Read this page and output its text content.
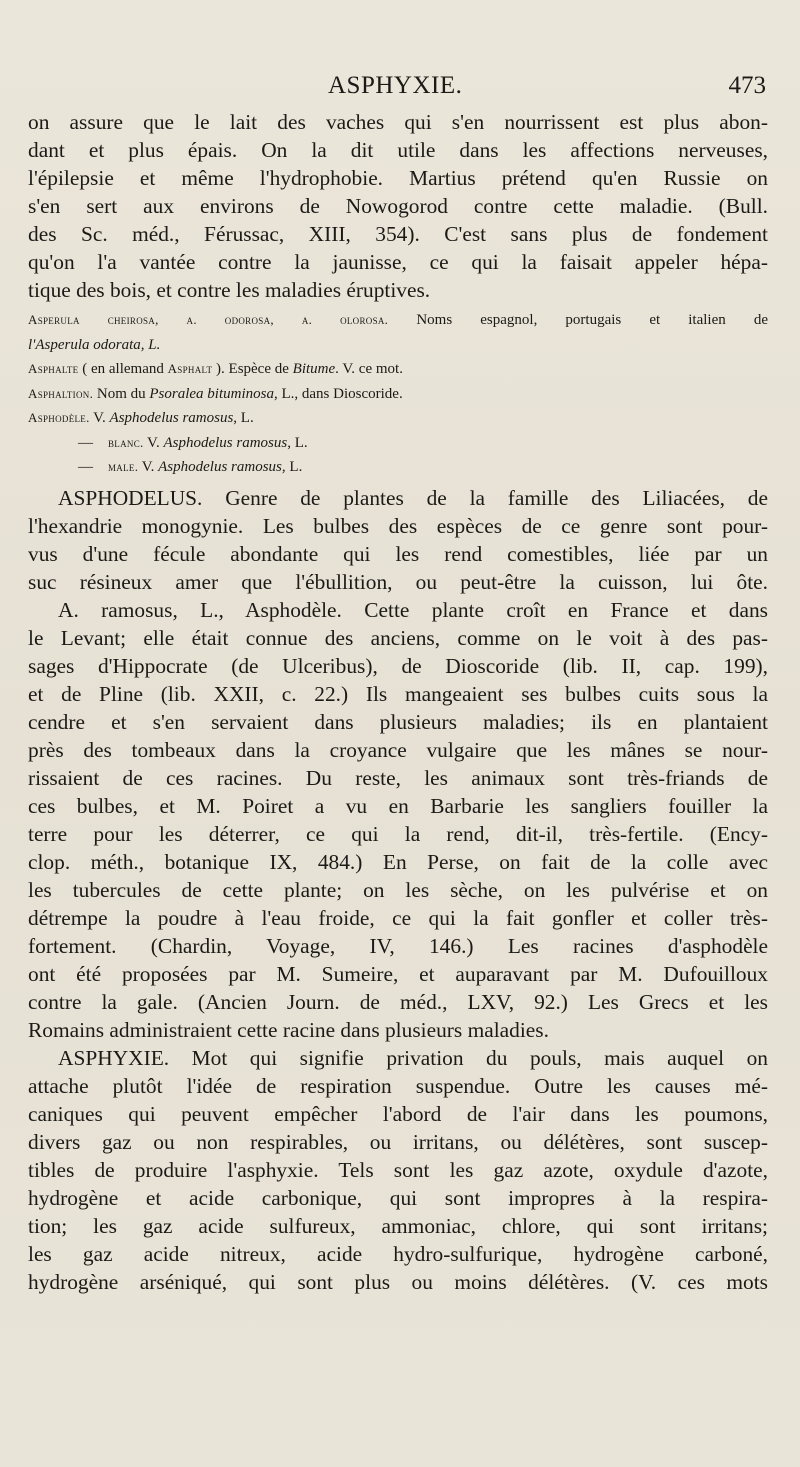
ASPHYXIE.	473
on assure que le lait des vaches qui s'en nourrissent est plus abon-
dant et plus épais. On la dit utile dans les affections nerveuses,
l'épilepsie et même l'hydrophobie. Martius prétend qu'en Russie on
s'en sert aux environs de Nowogorod contre cette maladie. (Bull.
des Sc. méd., Férussac, XIII, 354). C'est sans plus de fondement
qu'on l'a vantée contre la jaunisse, ce qui la faisait appeler hépa-
tique des bois, et contre les maladies éruptives.
Asperula cheirosa, a. odorosa, a. olorosa. Noms espagnol, portugais et italien de
l'Asperula odorata, L.
Asphalte ( en allemand Asphalt ). Espèce de Bitume. V. ce mot.
Asphaltion. Nom du Psoralea bituminosa, L., dans Dioscoride.
Asphodèle. V. Asphodelus ramosus, L.
— blanc. V. Asphodelus ramosus, L.
— male. V. Asphodelus ramosus, L.
ASPHODELUS. Genre de plantes de la famille des Liliacées, de
l'hexandrie monogynie. Les bulbes des espèces de ce genre sont pour-
vus d'une fécule abondante qui les rend comestibles, liée par un
suc résineux amer que l'ébullition, ou peut-être la cuisson, lui ôte.
A. ramosus, L., Asphodèle. Cette plante croît en France et dans
le Levant; elle était connue des anciens, comme on le voit à des pas-
sages d'Hippocrate (de Ulceribus), de Dioscoride (lib. II, cap. 199),
et de Pline (lib. XXII, c. 22.) Ils mangeaient ses bulbes cuits sous la
cendre et s'en servaient dans plusieurs maladies; ils en plantaient
près des tombeaux dans la croyance vulgaire que les mânes se nour-
rissaient de ces racines. Du reste, les animaux sont très-friands de
ces bulbes, et M. Poiret a vu en Barbarie les sangliers fouiller la
terre pour les déterrer, ce qui la rend, dit-il, très-fertile. (Ency-
clop. méth., botanique IX, 484.) En Perse, on fait de la colle avec
les tubercules de cette plante; on les sèche, on les pulvérise et on
détrempe la poudre à l'eau froide, ce qui la fait gonfler et coller très-
fortement. (Chardin, Voyage, IV, 146.) Les racines d'asphodèle
ont été proposées par M. Sumeire, et auparavant par M. Dufouilloux
contre la gale. (Ancien Journ. de méd., LXV, 92.) Les Grecs et les
Romains administraient cette racine dans plusieurs maladies.
ASPHYXIE. Mot qui signifie privation du pouls, mais auquel on
attache plutôt l'idée de respiration suspendue. Outre les causes mé-
caniques qui peuvent empêcher l'abord de l'air dans les poumons,
divers gaz ou non respirables, ou irritans, ou délétères, sont suscep-
tibles de produire l'asphyxie. Tels sont les gaz azote, oxydule d'azote,
hydrogène et acide carbonique, qui sont impropres à la respira-
tion; les gaz acide sulfureux, ammoniac, chlore, qui sont irritans;
les gaz acide nitreux, acide hydro-sulfurique, hydrogène carboné,
hydrogène arséniqué, qui sont plus ou moins délétères. (V. ces mots
